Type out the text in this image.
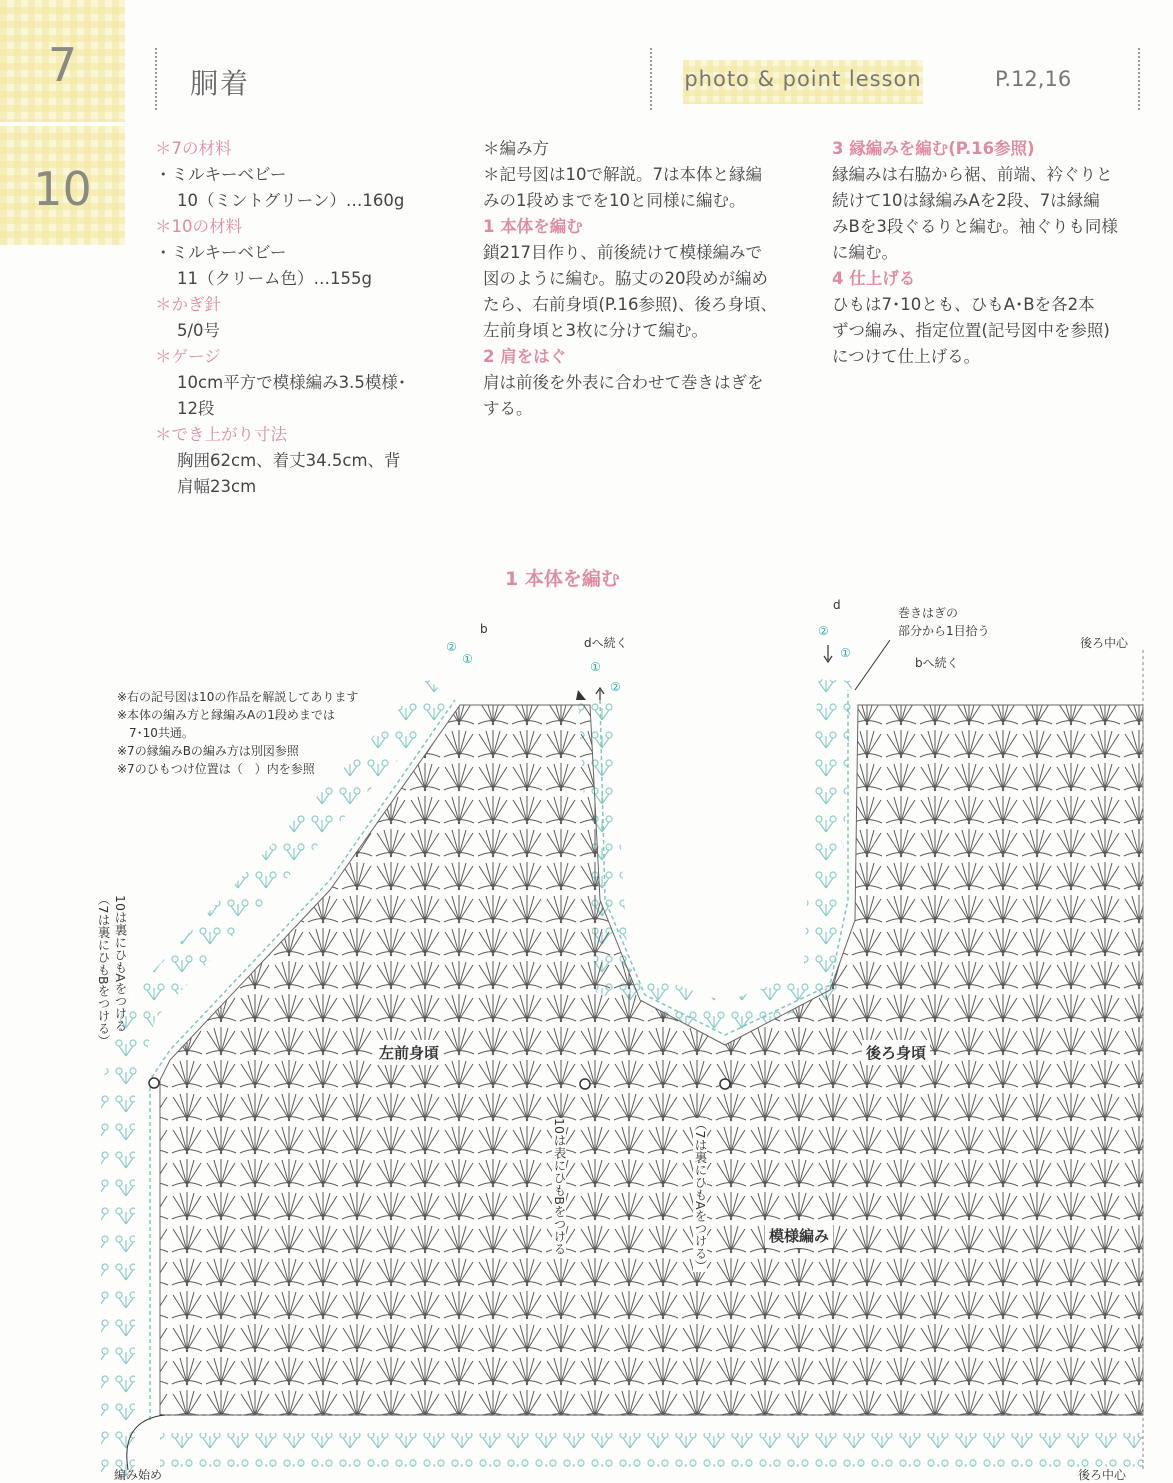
7
10
胴着	photo & point lesson	P.12,16
＊7の材料
・ミルキーベビー
10（ミントグリーン）…160g
＊10の材料
・ミルキーベビー
11（クリーム色）…155g
＊かぎ針
5/0号
＊ゲージ
10cm平方で模様編み3.5模様･
12段
＊でき上がり寸法
胸囲62cm、着丈34.5cm、背
肩幅23cm
＊編み方
＊記号図は10で解説。7は本体と縁編
みの1段めまでを10と同様に編む。
1 本体を編む
鎖217目作り、前後続けて模様編みで
図のように編む。脇丈の20段めが編め
たら、右前身頃(P.16参照)、後ろ身頃、
左前身頃と3枚に分けて編む。
2 肩をはぐ
肩は前後を外表に合わせて巻きはぎを
する。
3 縁編みを編む(P.16参照)
縁編みは右脇から裾、前端、衿ぐりと
続けて10は縁編みAを2段、7は縁編
みBを3段ぐるりと編む。袖ぐりも同様
に編む。
4 仕上げる
ひもは7･10とも、ひもA･Bを各2本
ずつ編み、指定位置(記号図中を参照)
につけて仕上げる。
1 本体を編む
※右の記号図は10の作品を解説してあります
※本体の編み方と縁編みAの1段めまでは
　7･10共通。
※7の縁編みBの編み方は別図参照
※7のひもつけ位置は（　）内を参照
b
②
①
dへ続く
①
②
d
②
①
巻きはぎの
部分から1目拾う
bへ続く
後ろ中心
左前身頃	後ろ身頃
模様編み
10は裏にひもAをつける
（7は裏にひもBをつける）
10は表にひもBをつける	（7は裏にひもAをつける）
編み始め	後ろ中心
